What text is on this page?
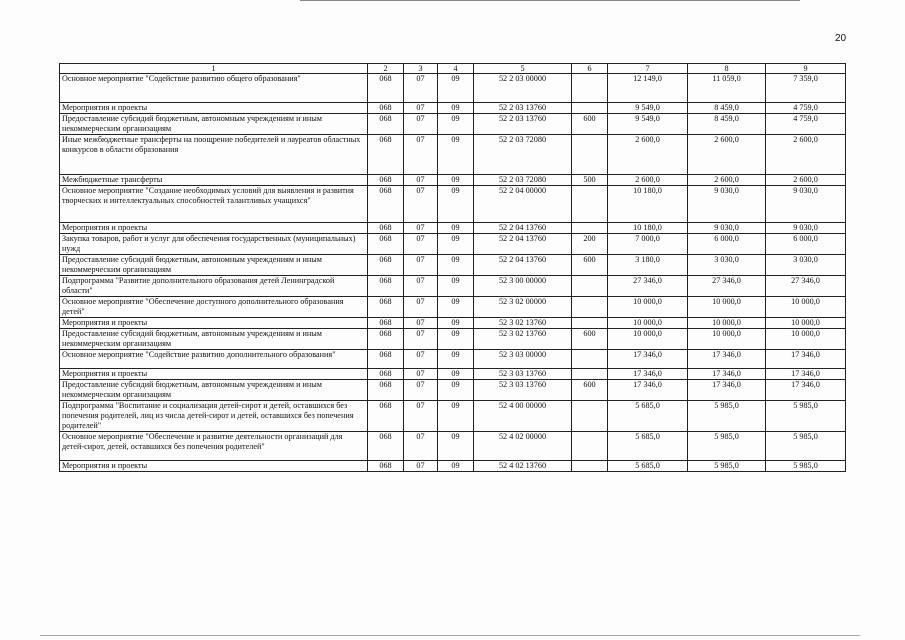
20
1	2	3	4	5	6	7	8	9
Основное мероприятие "Содействие развитию общего образования"	068	07	09	52 2 03 00000		12 149,0	11 059,0	7 359,0
Мероприятия и проекты	068	07	09	52 2 03 13760		9 549,0	8 459,0	4 759,0
Предоставление субсидий бюджетным, автономным учреждениям и иным некоммерческим организациям	068	07	09	52 2 03 13760	600	9 549,0	8 459,0	4 759,0
Иные межбюджетные трансферты на поощрение победителей и лауреатов областных конкурсов в области образования	068	07	09	52 2 03 72080		2 600,0	2 600,0	2 600,0
Межбюджетные трансферты	068	07	09	52 2 03 72080	500	2 600,0	2 600,0	2 600,0
Основное мероприятие "Создание необходимых условий для выявления и развития творческих и интеллектуальных способностей талантливых учащихся"	068	07	09	52 2 04 00000		10 180,0	9 030,0	9 030,0
Мероприятия и проекты	068	07	09	52 2 04 13760		10 180,0	9 030,0	9 030,0
Закупка товаров, работ и услуг для обеспечения государственных (муниципальных) нужд	068	07	09	52 2 04 13760	200	7 000,0	6 000,0	6 000,0
Предоставление субсидий бюджетным, автономным учреждениям и иным некоммерческим организациям	068	07	09	52 2 04 13760	600	3 180,0	3 030,0	3 030,0
Подпрограмма "Развитие дополнительного образования детей Ленинградской области"	068	07	09	52 3 00 00000		27 346,0	27 346,0	27 346,0
Основное мероприятие "Обеспечение доступного дополнительного образования детей"	068	07	09	52 3 02 00000		10 000,0	10 000,0	10 000,0
Мероприятия и проекты	068	07	09	52 3 02 13760		10 000,0	10 000,0	10 000,0
Предоставление субсидий бюджетным, автономным учреждениям и иным некоммерческим организациям	068	07	09	52 3 02 13760	600	10 000,0	10 000,0	10 000,0
Основное мероприятие "Содействие развитию дополнительного образования"	068	07	09	52 3 03 00000		17 346,0	17 346,0	17 346,0
Мероприятия и проекты	068	07	09	52 3 03 13760		17 346,0	17 346,0	17 346,0
Предоставление субсидий бюджетным, автономным учреждениям и иным некоммерческим организациям	068	07	09	52 3 03 13760	600	17 346,0	17 346,0	17 346,0
Подпрограмма "Воспитание и социализация детей-сирот и детей, оставшихся без попечения родителей, лиц из числа детей-сирот и детей, оставшихся без попечения родителей"	068	07	09	52 4 00 00000		5 685,0	5 985,0	5 985,0
Основное мероприятие "Обеспечение и развитие деятельности организаций для детей-сирот, детей, оставшихся без попечения родителей"	068	07	09	52 4 02 00000		5 685,0	5 985,0	5 985,0
Мероприятия и проекты	068	07	09	52 4 02 13760		5 685,0	5 985,0	5 985,0
